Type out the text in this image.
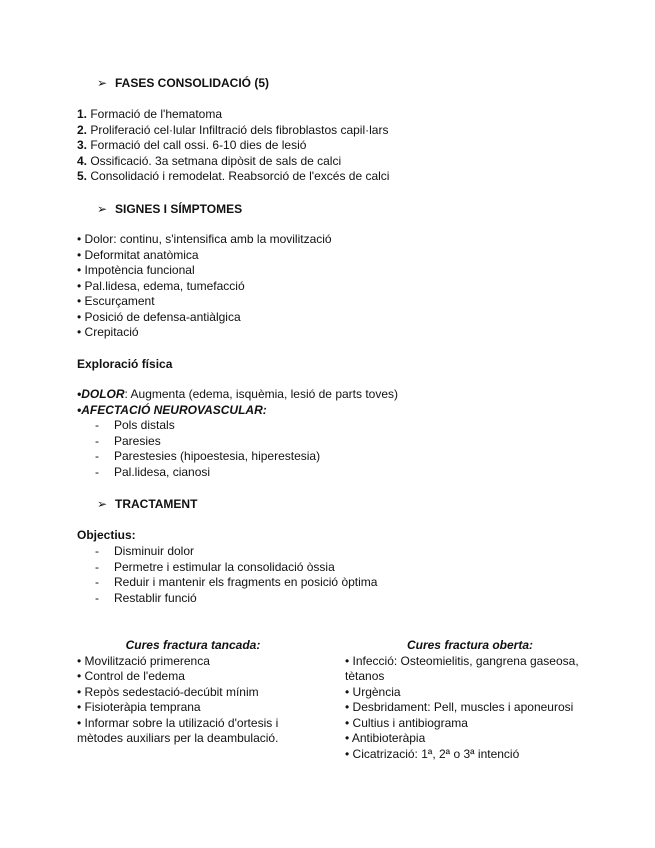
➢ FASES CONSOLIDACIÓ (5)
1. Formació de l'hematoma
2. Proliferació cel·lular Infiltració dels fibroblastos capil·lars
3. Formació del call ossi. 6-10 dies de lesió
4. Ossificació. 3a setmana dipòsit de sals de calci
5. Consolidació i remodelat. Reabsorció de l'excés de calci
➢ SIGNES I SÍMPTOMES
• Dolor: continu, s'intensifica amb la movilització
• Deformitat anatòmica
• Impotència funcional
• Pal.lidesa, edema, tumefacció
• Escurçament
• Posició de defensa-antiàlgica
• Crepitació
Exploració física
•DOLOR: Augmenta (edema, isquèmia, lesió de parts toves)
•AFECTACIÓ NEUROVASCULAR:
- Pols distals
- Paresies
- Parestesies (hipoestesia, hiperestesia)
- Pal.lidesa, cianosi
➢ TRACTAMENT
Objectius:
- Disminuir dolor
- Permetre i estimular la consolidació òssia
- Reduir i mantenir els fragments en posició òptima
- Restablir funció
Cures fractura tancada:
• Movilització primerenca
• Control de l'edema
• Repòs sedestació-decúbit mínim
• Fisioteràpia temprana
• Informar sobre la utilizació d'ortesis i mètodes auxiliars per la deambulació.
Cures fractura oberta:
• Infecció: Osteomielitis, gangrena gaseosa, tètanos
• Urgència
• Desbridament: Pell, muscles i aponeurosi
• Cultius i antibiograma
• Antibioteràpia
• Cicatrizació: 1ª, 2ª o 3ª intenció
